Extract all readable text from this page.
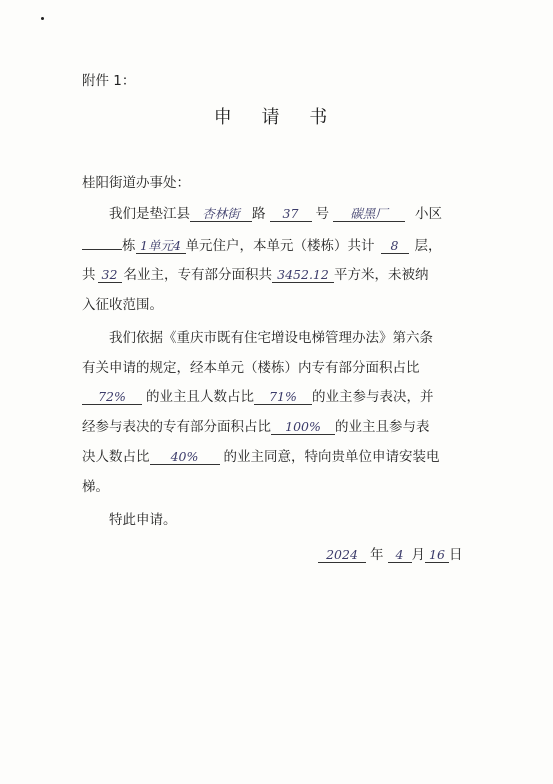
附件 1：
申 请 书
桂阳街道办事处：
我们是垫江县 杏林街 路 37 号 碳黑厂 小区
栋 1单元4 单元住户，本单元（楼栋）共计 8 层，
共 32 名业主，专有部分面积共 3452.12 平方米，未被纳
入征收范围。
我们依据《重庆市既有住宅增设电梯管理办法》第六条
有关申请的规定，经本单元（楼栋）内专有部分面积占比
72% 的业主且人数占比 71% 的业主参与表决，并
经参与表决的专有部分面积占比 100% 的业主且参与表
决人数占比 40% 的业主同意，特向贵单位申请安装电
梯。
特此申请。
2024 年 4 月 16 日
